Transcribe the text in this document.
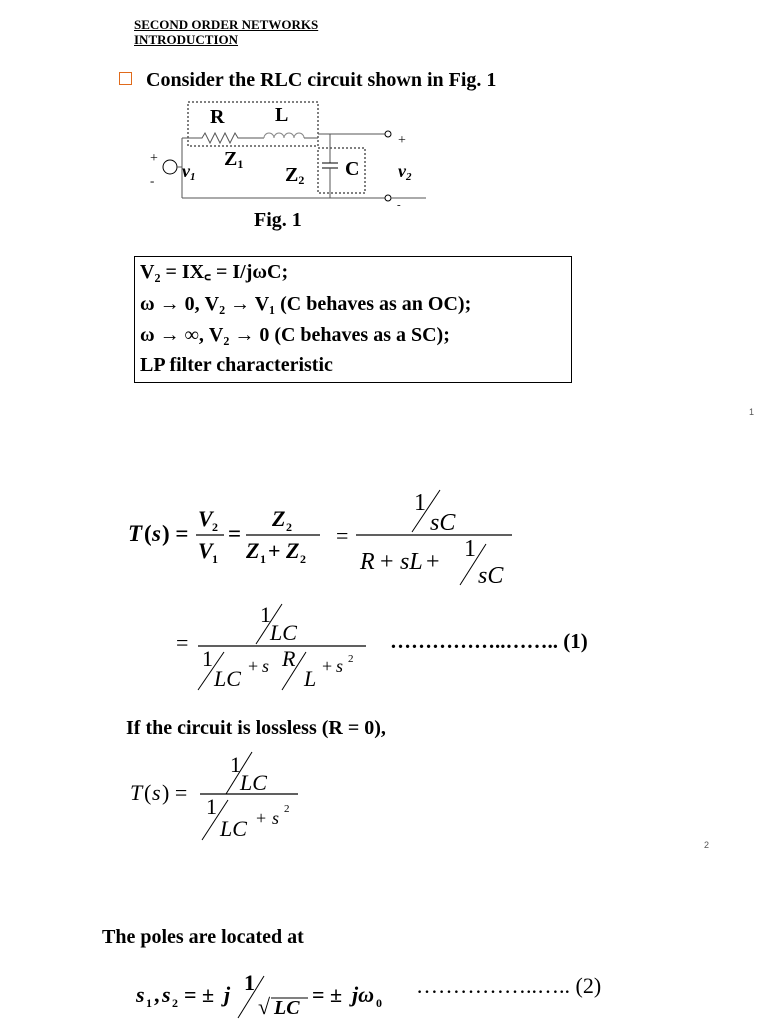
SECOND ORDER NETWORKS
INTRODUCTION
Consider the RLC circuit shown in Fig. 1
R	L
+
+
- v1
Z1 Z2 C v2
-
Fig. 1
V₂ = IX꜀ = I/jωC;
ω → 0, V₂ → V₁ (C behaves as an OC);
ω → ∞, V₂ → 0 (C behaves as a SC);
LP filter characteristic
1
T ( s ) =
V 2
V 1
=
Z 2
Z 1 + Z 2
=
1
sC
R + sL + 1
sC
=
1
LC
1
LC + s R
L + s 2
……………..…….. (1)
If the circuit is lossless (R = 0),
T ( s ) =
1
LC
1
LC + s 2
2
The poles are located at
s 1 , s 2 = ± j 1
√ LC
= ± jω 0
……………..….. (2)
